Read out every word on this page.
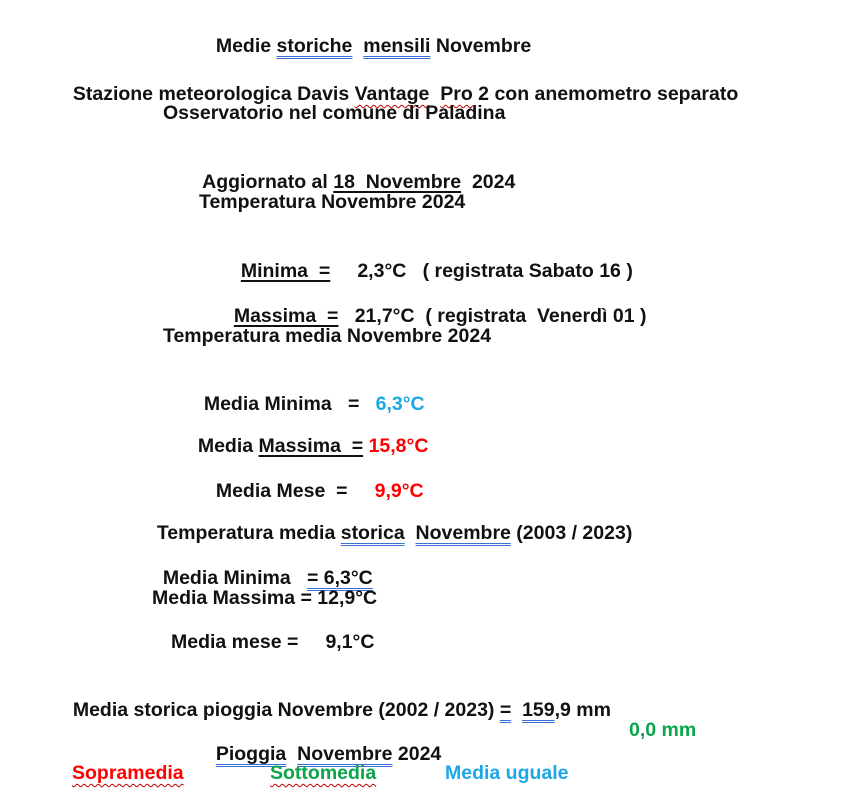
Medie storiche mensili Novembre

Stazione meteorologica Davis Vantage Pro 2 con anemometro separato

Osservatorio nel comune di Paladina

Aggiornato al 18  Novembre  2024

Temperatura Novembre 2024

Minima  =     2,3°C   ( registrata Sabato 16 )

Massima  =   21,7°C  ( registrata  Venerdì 01 )

Temperatura media Novembre 2024

Media Minima   =   6,3°C

Media Massima  = 15,8°C

Media Mese  =     9,9°C

Temperatura media storica Novembre (2003 / 2023)

Media Minima   = 6,3°C

Media Massima = 12,9°C
Media mese =     9,1°C

Media storica pioggia Novembre (2002 / 2023) = 159,9 mm

Pioggia Novembre 2024

0,0 mm
Sopramedia	Sottomedia	Media uguale
